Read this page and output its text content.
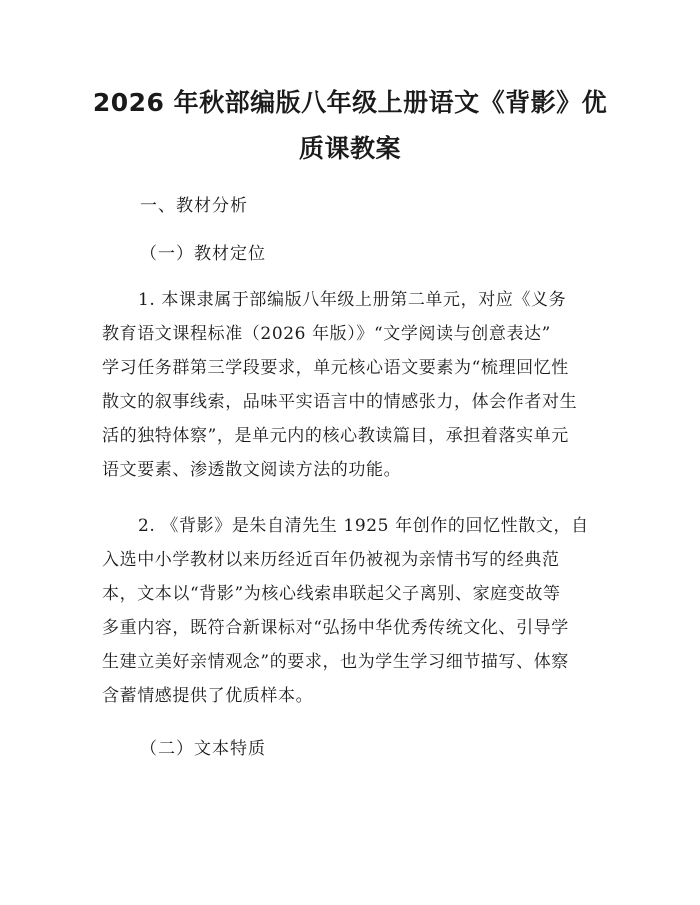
2026 年秋部编版八年级上册语文《背影》优
质课教案
一、教材分析
（一）教材定位
1. 本课隶属于部编版八年级上册第二单元，对应《义务
教育语文课程标准（2026 年版）》“文学阅读与创意表达”
学习任务群第三学段要求，单元核心语文要素为“梳理回忆性
散文的叙事线索，品味平实语言中的情感张力，体会作者对生
活的独特体察”，是单元内的核心教读篇目，承担着落实单元
语文要素、渗透散文阅读方法的功能。
2. 《背影》是朱自清先生 1925 年创作的回忆性散文，自
入选中小学教材以来历经近百年仍被视为亲情书写的经典范
本，文本以“背影”为核心线索串联起父子离别、家庭变故等
多重内容，既符合新课标对“弘扬中华优秀传统文化、引导学
生建立美好亲情观念”的要求，也为学生学习细节描写、体察
含蓄情感提供了优质样本。
（二）文本特质
